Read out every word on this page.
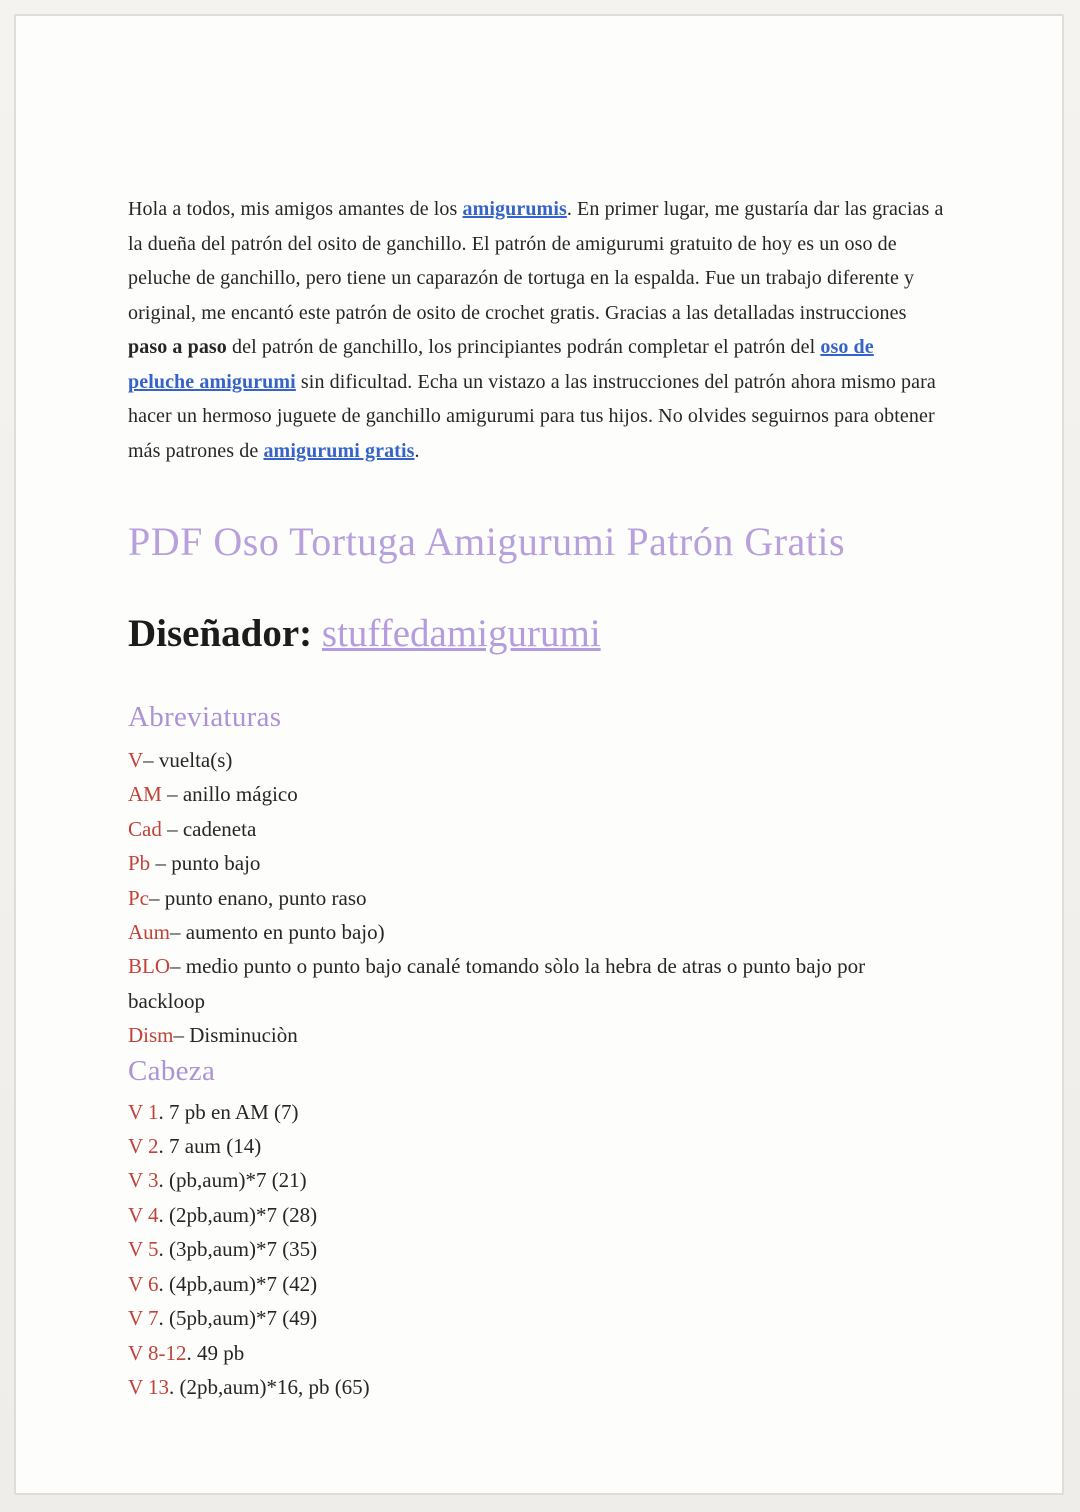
Hola a todos, mis amigos amantes de los amigurumis. En primer lugar, me gustaría dar las gracias a la dueña del patrón del osito de ganchillo. El patrón de amigurumi gratuito de hoy es un oso de peluche de ganchillo, pero tiene un caparazón de tortuga en la espalda. Fue un trabajo diferente y original, me encantó este patrón de osito de crochet gratis. Gracias a las detalladas instrucciones paso a paso del patrón de ganchillo, los principiantes podrán completar el patrón del oso de peluche amigurumi sin dificultad. Echa un vistazo a las instrucciones del patrón ahora mismo para hacer un hermoso juguete de ganchillo amigurumi para tus hijos. No olvides seguirnos para obtener más patrones de amigurumi gratis.

PDF Oso Tortuga Amigurumi Patrón Gratis
Diseñador: stuffedamigurumi
Abreviaturas
V– vuelta(s)
AM – anillo mágico
Cad – cadeneta
Pb – punto bajo
Pc– punto enano, punto raso
Aum– aumento en punto bajo)
BLO– medio punto o punto bajo canalé tomando sòlo la hebra de atras o punto bajo por backloop
Dism– Disminuciòn
Cabeza
V 1. 7 pb en AM (7)
V 2. 7 aum (14)
V 3. (pb,aum)*7 (21)
V 4. (2pb,aum)*7 (28)
V 5. (3pb,aum)*7 (35)
V 6. (4pb,aum)*7 (42)
V 7. (5pb,aum)*7 (49)
V 8-12. 49 pb
V 13. (2pb,aum)*16, pb (65)
